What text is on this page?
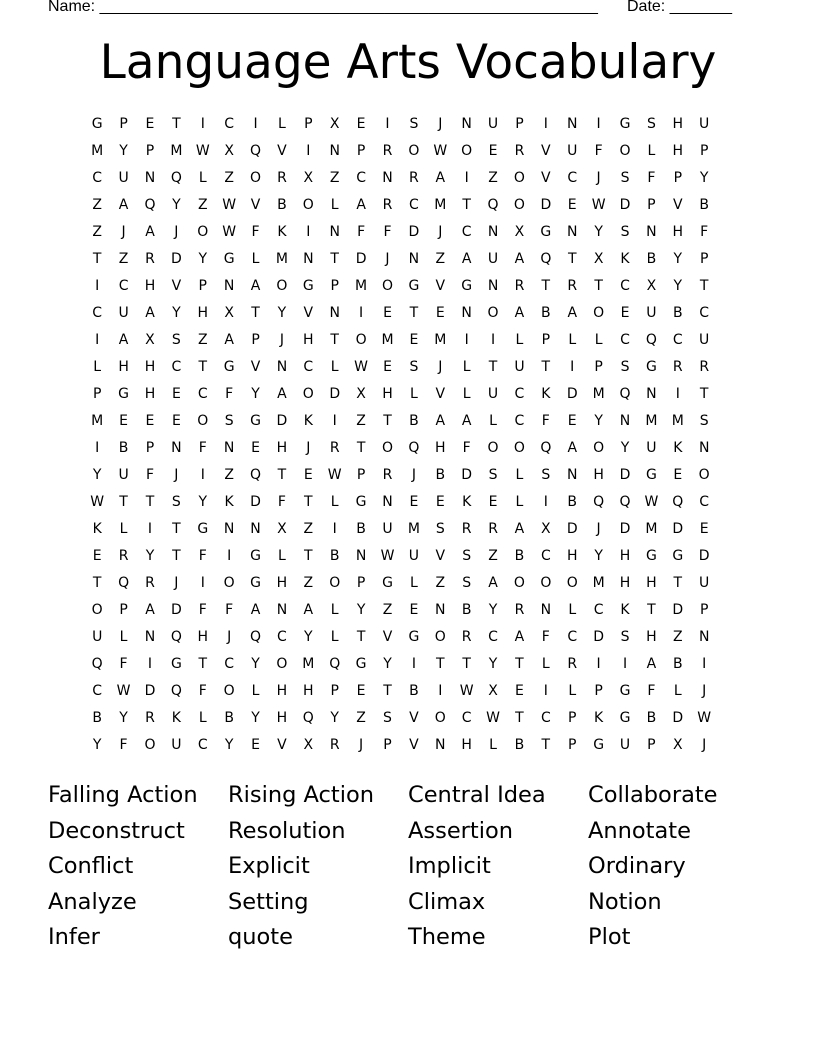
Name: ________________________________________________________ Date: _______
Language Arts Vocabulary
G	P	E	T	I	C	I	L	P	X	E	I	S	J	N	U	P	I	N	I	G	S	H	U
M	Y	P	M W	X	Q	V	I	N	P	R	O W O	E	R	V	U	F	O	L	H	P
C	U	N	Q	L	Z	O	R	X	Z	C	N	R	A	I	Z	O	V	C	J	S	F	P	Y
Z	A	Q	Y	Z	W	V	B	O	L	A	R	C	M	T	Q	O	D	E	W	D	P	V	B
Z	J	A	J	O W	F	K	I	N	F	F	D	J	C	N	X	G	N	Y	S	N	H	F
T	Z	R	D	Y	G	L	M	N	T	D	J	N	Z	A	U	A	Q	T	X	K	B	Y	P
I	C	H	V	P	N	A	O	G	P	M	O	G	V	G	N	R	T	R	T	C	X	Y	T
C	U	A	Y	H	X	T	Y	V	N	I	E	T	E	N	O	A	B	A	O	E	U	B	C
I	A	X	S	Z	A	P	J	H	T	O	M	E	M	I	I	L	P	L	L	C	Q	C	U
L	H	H	C	T	G	V	N	C	L	W	E	S	J	L	T	U	T	I	P	S	G	R	R
P	G	H	E	C	F	Y	A	O	D	X	H	L	V	L	U	C	K	D	M	Q	N	I	T
M	E	E	E	O	S	G	D	K	I	Z	T	B	A	A	L	C	F	E	Y	N	M	M	S
I	B	P	N	F	N	E	H	J	R	T	O	Q	H	F	O	O	Q	A	O	Y	U	K	N
Y	U	F	J	I	Z	Q	T	E	W	P	R	J	B	D	S	L	S	N	H	D	G	E	O
W	T	T	S	Y	K	D	F	T	L	G	N	E	E	K	E	L	I	B	Q	Q W Q	C
K	L	I	T	G	N	N	X	Z	I	B	U	M	S	R	R	A	X	D	J	D	M	D	E
E	R	Y	T	F	I	G	L	T	B	N	W	U	V	S	Z	B	C	H	Y	H	G	G	D
T	Q	R	J	I	O	G	H	Z	O	P	G	L	Z	S	A	O	O	O	M	H	H	T	U
O	P	A	D	F	F	A	N	A	L	Y	Z	E	N	B	Y	R	N	L	C	K	T	D	P
U	L	N	Q	H	J	Q	C	Y	L	T	V	G	O	R	C	A	F	C	D	S	H	Z	N
Q	F	I	G	T	C	Y	O	M	Q	G	Y	I	T	T	Y	T	L	R	I	I	A	B	I
C	W	D	Q	F	O	L	H	H	P	E	T	B	I	W	X	E	I	L	P	G	F	L	J
B	Y	R	K	L	B	Y	H	Q	Y	Z	S	V	O	C	W	T	C	P	K	G	B	D	W
Y	F	O	U	C	Y	E	V	X	R	J	P	V	N	H	L	B	T	P	G	U	P	X	J
Falling Action	Rising Action	Central Idea	Collaborate
Deconstruct	Resolution	Assertion	Annotate
Conflict	Explicit	Implicit	Ordinary
Analyze	Setting	Climax	Notion
Infer	quote	Theme	Plot
